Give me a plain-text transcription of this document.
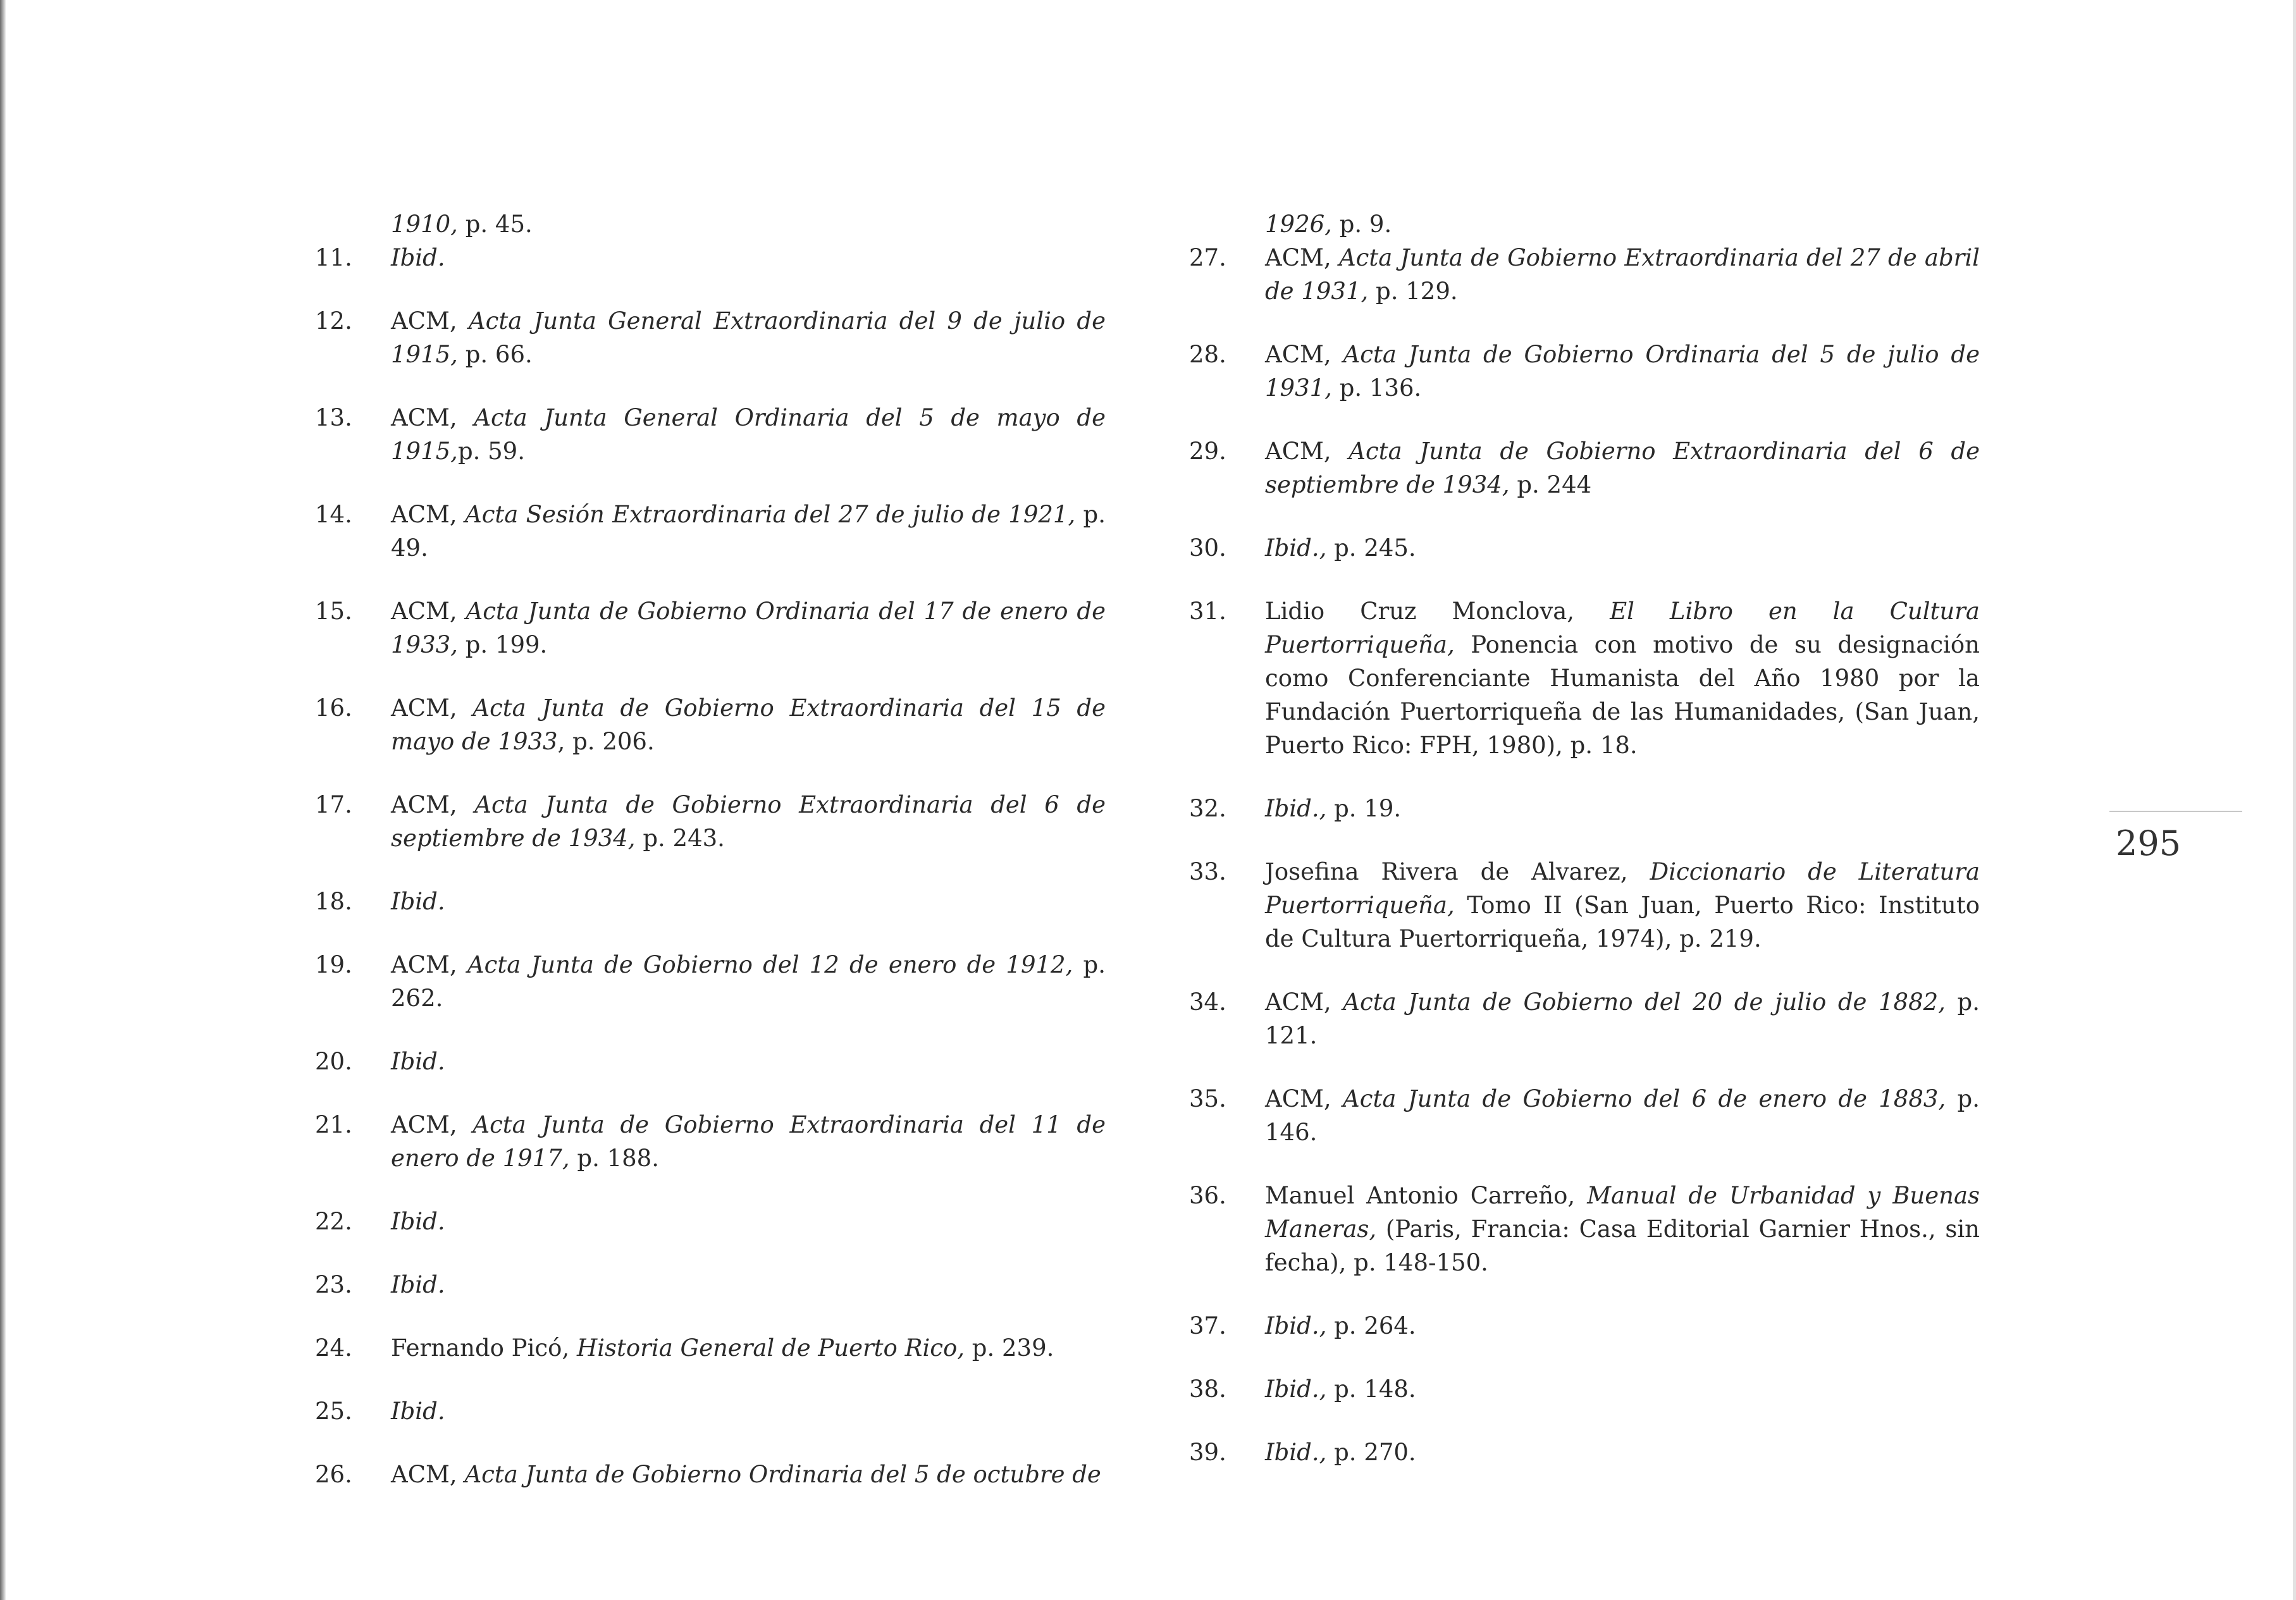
1910, p. 45.

11.	Ibid.

12.	ACM, Acta Junta General Extraordinaria del 9 de julio de 1915, p. 66.

13.	ACM, Acta Junta General Ordinaria del 5 de mayo de 1915,p. 59.

14.	ACM, Acta Sesión Extraordinaria del 27 de julio de 1921, p. 49.

15.	ACM, Acta Junta de Gobierno Ordinaria del 17 de enero de 1933, p. 199.

16.	ACM, Acta Junta de Gobierno Extraordinaria del 15 de mayo de 1933, p. 206.

17.	ACM, Acta Junta de Gobierno Extraordinaria del 6 de septiembre de 1934, p. 243.

18.	Ibid.

19.	ACM, Acta Junta de Gobierno del 12 de enero de 1912, p. 262.

20.	Ibid.

21.	ACM, Acta Junta de Gobierno Extraordinaria del 11 de enero de 1917, p. 188.

22.	Ibid.

23.	Ibid.

24.	Fernando Picó, Historia General de Puerto Rico, p. 239.

25.	Ibid.

26.	ACM, Acta Junta de Gobierno Ordinaria del 5 de octubre de

1926, p. 9.

27.	ACM, Acta Junta de Gobierno Extraordinaria del 27 de abril de 1931, p. 129.

28.	ACM, Acta Junta de Gobierno Ordinaria del 5 de julio de 1931, p. 136.

29.	ACM, Acta Junta de Gobierno Extraordinaria del 6 de septiembre de 1934, p. 244

30.	Ibid., p. 245.

31.	Lidio Cruz Monclova, El Libro en la Cultura Puertorriqueña, Ponencia con motivo de su designación como Conferenciante Humanista del Año 1980 por la Fundación Puertorriqueña de las Humanidades, (San Juan, Puerto Rico: FPH, 1980), p. 18.

32.	Ibid., p. 19.

33.	Josefina Rivera de Alvarez, Diccionario de Literatura Puertorriqueña, Tomo II (San Juan, Puerto Rico: Instituto de Cultura Puertorriqueña, 1974), p. 219.

34.	ACM, Acta Junta de Gobierno del 20 de julio de 1882, p. 121.

35.	ACM, Acta Junta de Gobierno del 6 de enero de 1883, p. 146.

36.	Manuel Antonio Carreño, Manual de Urbanidad y Buenas Maneras, (Paris, Francia: Casa Editorial Garnier Hnos., sin fecha), p. 148-150.

37.	Ibid., p. 264.

38.	Ibid., p. 148.

39.	Ibid., p. 270.

295
